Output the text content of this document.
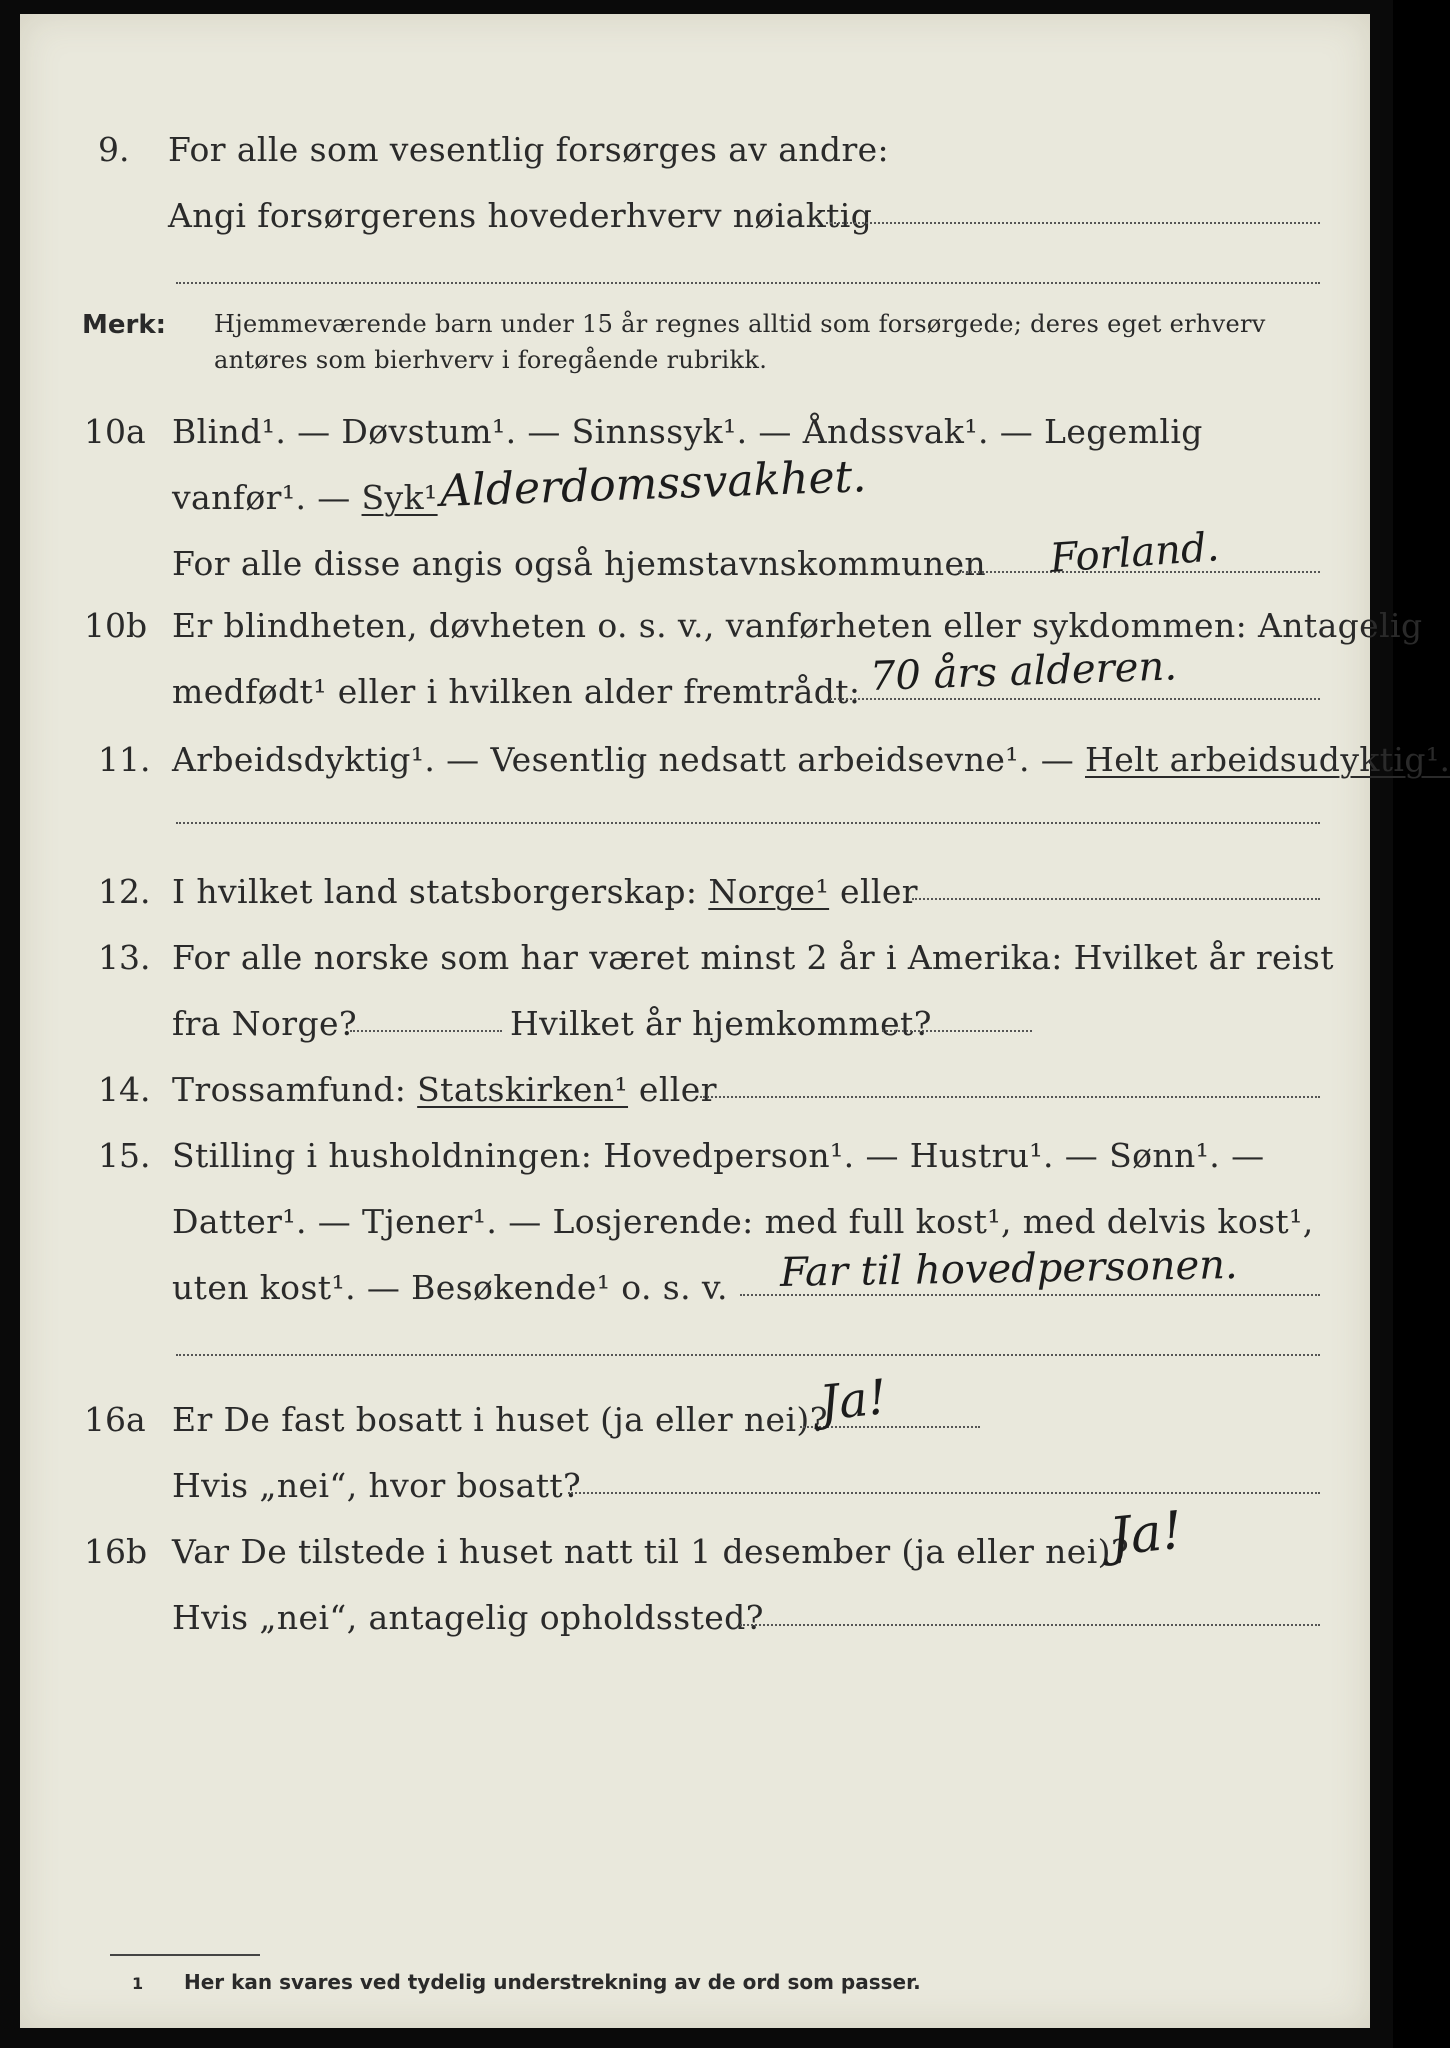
9. For alle som vesentlig forsørges av andre:
Angi forsørgerens hovederhverv nøiaktig
Merk: Hjemmeværende barn under 15 år regnes alltid som forsørgede; deres eget erhverv
antøres som bierhverv i foregående rubrikk.
10a Blind¹. — Døvstum¹. — Sinnssyk¹. — Åndssvak¹. — Legemlig
vanfør¹. — Syk¹ Alderdomssvakhet.
For alle disse angis også hjemstavnskommunen Forland.
10b Er blindheten, døvheten o. s. v., vanførheten eller sykdommen: Antagelig
medfødt¹ eller i hvilken alder fremtrådt: 70 års alderen.
11. Arbeidsdyktig¹. — Vesentlig nedsatt arbeidsevne¹. — Helt arbeidsudyktig¹.
12. I hvilket land statsborgerskap: Norge¹ eller
13. For alle norske som har været minst 2 år i Amerika: Hvilket år reist
fra Norge?	Hvilket år hjemkommet?
14. Trossamfund: Statskirken¹ eller
15. Stilling i husholdningen: Hovedperson¹. — Hustru¹. — Sønn¹. —
Datter¹. — Tjener¹. — Losjerende: med full kost¹, med delvis kost¹,
uten kost¹. — Besøkende¹ o. s. v. Far til hovedpersonen.
16a Er De fast bosatt i huset (ja eller nei)?
Ja!
Hvis „nei“, hvor bosatt?
16b Var De tilstede i huset natt til 1 desember (ja eller nei)?
Ja!
Hvis „nei“, antagelig opholdssted?
1 Her kan svares ved tydelig understrekning av de ord som passer.
